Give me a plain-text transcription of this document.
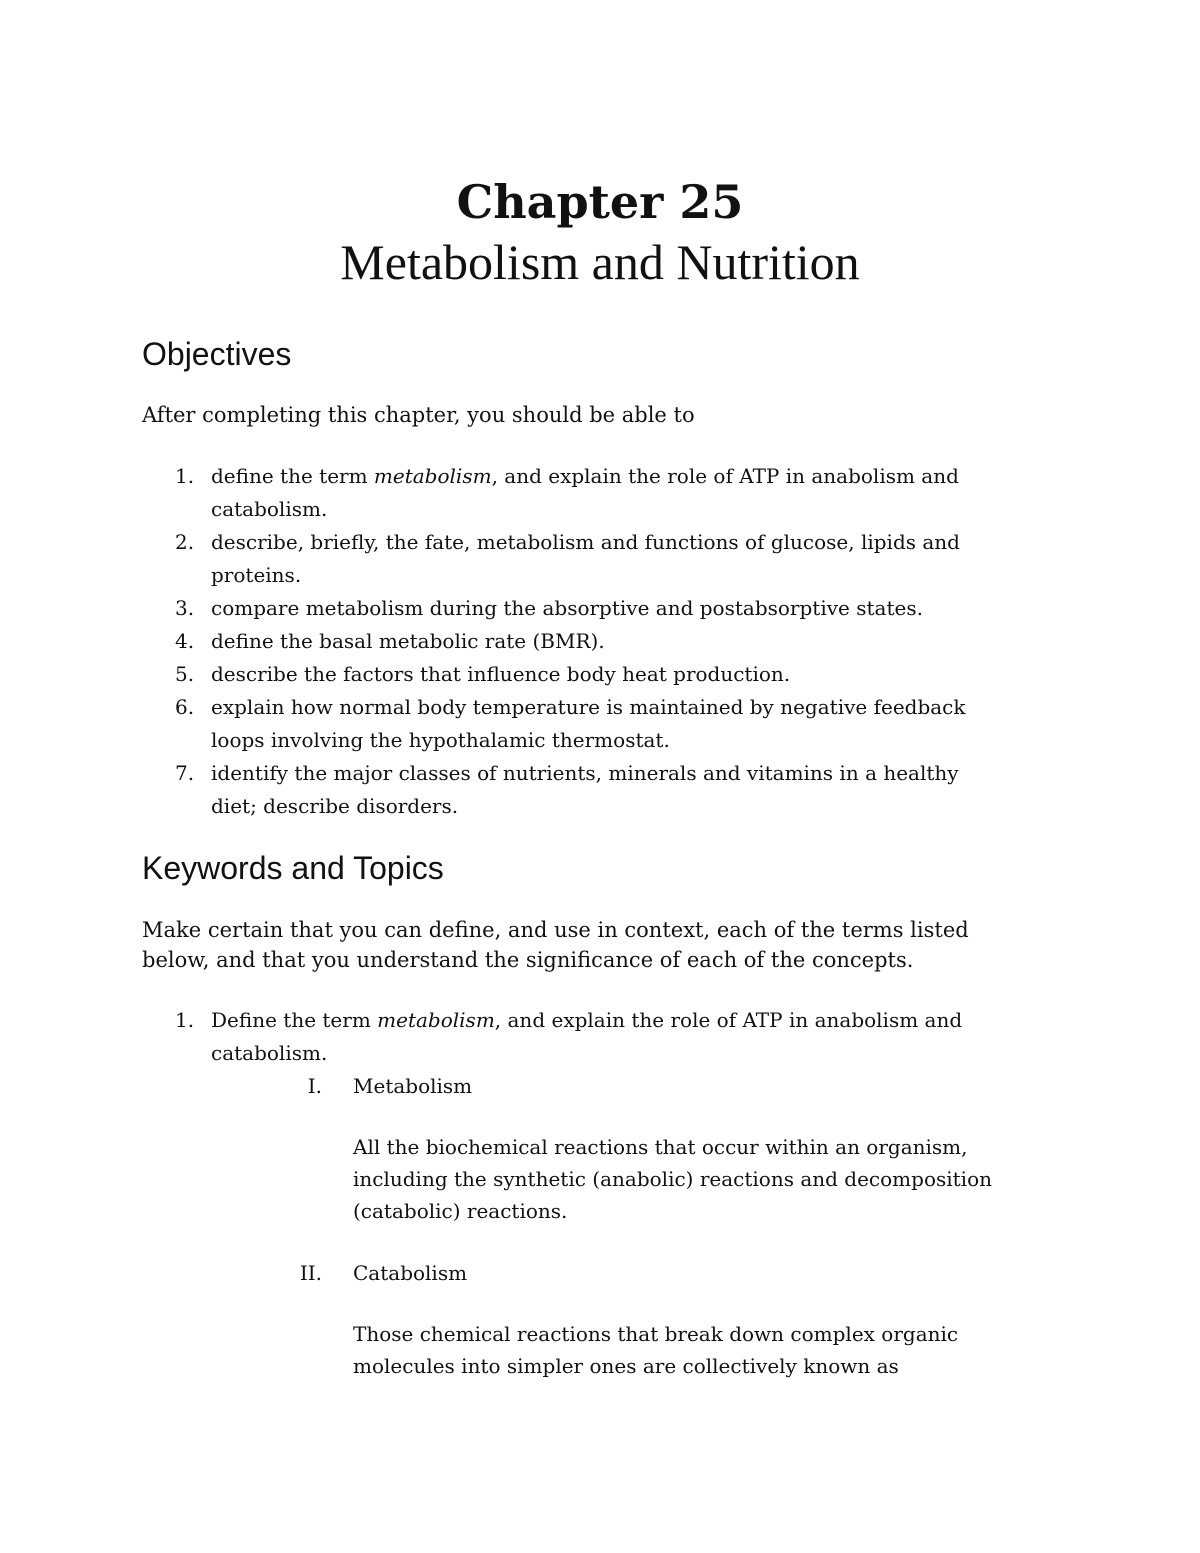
Chapter 25
Metabolism and Nutrition
Objectives

After completing this chapter, you should be able to

1. define the term metabolism, and explain the role of ATP in anabolism and
catabolism.
2. describe, briefly, the fate, metabolism and functions of glucose, lipids and
proteins.
3. compare metabolism during the absorptive and postabsorptive states.
4. define the basal metabolic rate (BMR).
5. describe the factors that influence body heat production.
6. explain how normal body temperature is maintained by negative feedback
loops involving the hypothalamic thermostat.
7. identify the major classes of nutrients, minerals and vitamins in a healthy
diet; describe disorders.
Keywords and Topics

Make certain that you can define, and use in context, each of the terms listed
below, and that you understand the significance of each of the concepts.

1. Define the term metabolism, and explain the role of ATP in anabolism and
catabolism.
I. Metabolism
All the biochemical reactions that occur within an organism,
including the synthetic (anabolic) reactions and decomposition
(catabolic) reactions.
II. Catabolism
Those chemical reactions that break down complex organic
molecules into simpler ones are collectively known as
